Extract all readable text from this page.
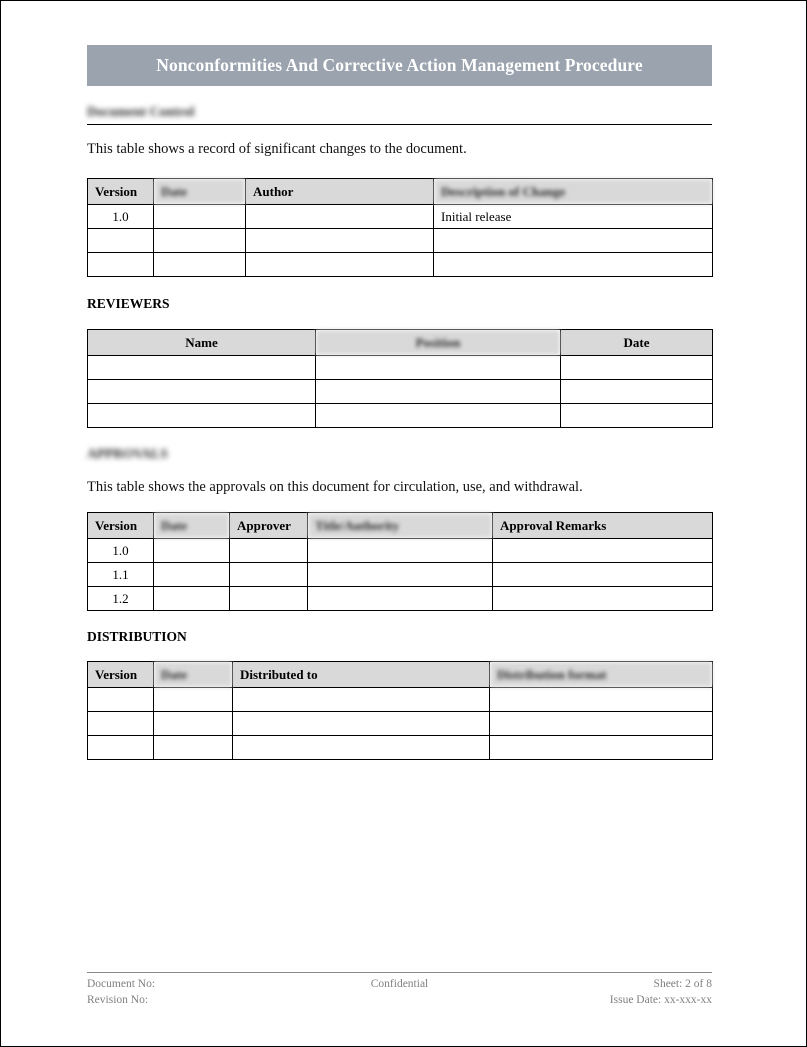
Nonconformities And Corrective Action Management Procedure
Document Control
This table shows a record of significant changes to the document.
Version	Date	Author	Description of Change
1.0			Initial release

REVIEWERS
Name	Position	Date

APPROVALS
This table shows the approvals on this document for circulation, use, and withdrawal.
Version	Date	Approver	Title/Authority	Approval Remarks
1.0				
1.1				
1.2				
DISTRIBUTION
Version	Date	Distributed to	Distribution format

Document No:
Revision No:
Confidential	Sheet: 2 of 8
Issue Date: xx-xxx-xx
